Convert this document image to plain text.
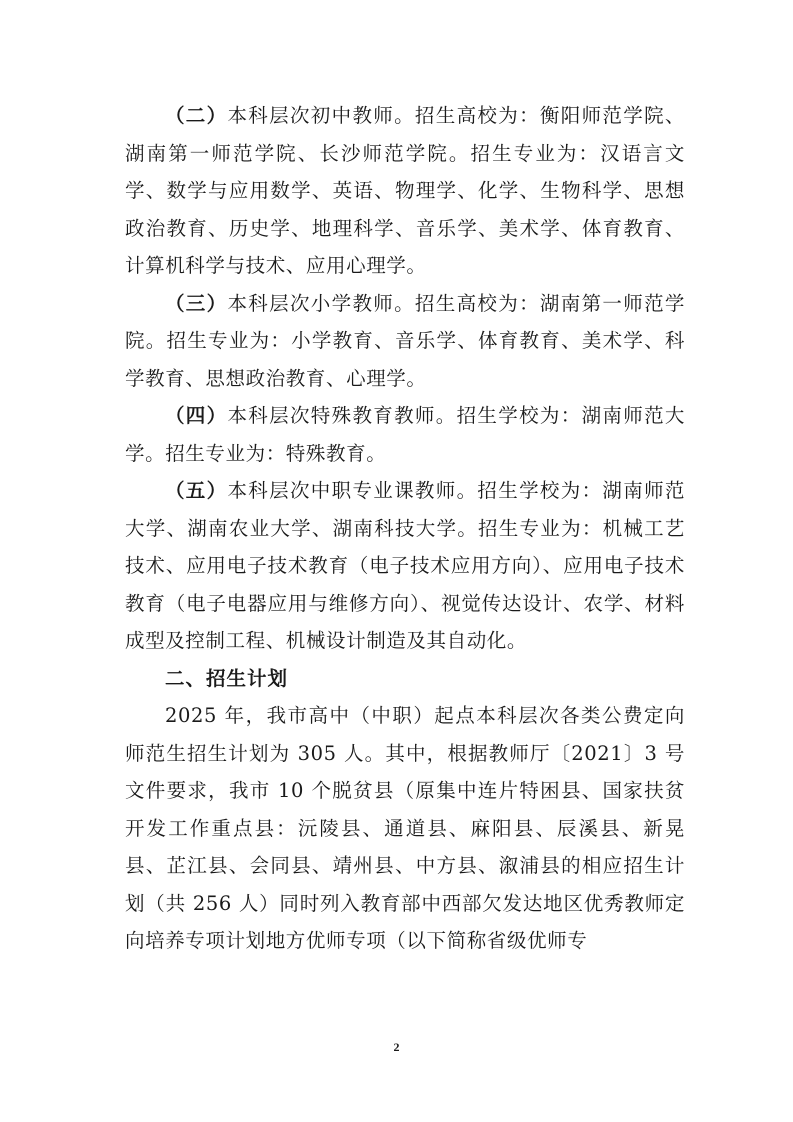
（二）本科层次初中教师。招生高校为：衡阳师范学院、湖南第一师范学院、长沙师范学院。招生专业为：汉语言文学、数学与应用数学、英语、物理学、化学、生物科学、思想政治教育、历史学、地理科学、音乐学、美术学、体育教育、计算机科学与技术、应用心理学。

（三）本科层次小学教师。招生高校为：湖南第一师范学院。招生专业为：小学教育、音乐学、体育教育、美术学、科学教育、思想政治教育、心理学。

（四）本科层次特殊教育教师。招生学校为：湖南师范大学。招生专业为：特殊教育。

（五）本科层次中职专业课教师。招生学校为：湖南师范大学、湖南农业大学、湖南科技大学。招生专业为：机械工艺技术、应用电子技术教育（电子技术应用方向）、应用电子技术教育（电子电器应用与维修方向）、视觉传达设计、农学、材料成型及控制工程、机械设计制造及其自动化。

二、招生计划

2025 年，我市高中（中职）起点本科层次各类公费定向师范生招生计划为 305 人。其中，根据教师厅〔2021〕3 号文件要求，我市 10 个脱贫县（原集中连片特困县、国家扶贫开发工作重点县：沅陵县、通道县、麻阳县、辰溪县、新晃县、芷江县、会同县、靖州县、中方县、溆浦县的相应招生计划（共 256 人）同时列入教育部中西部欠发达地区优秀教师定向培养专项计划地方优师专项（以下简称省级优师专

2
